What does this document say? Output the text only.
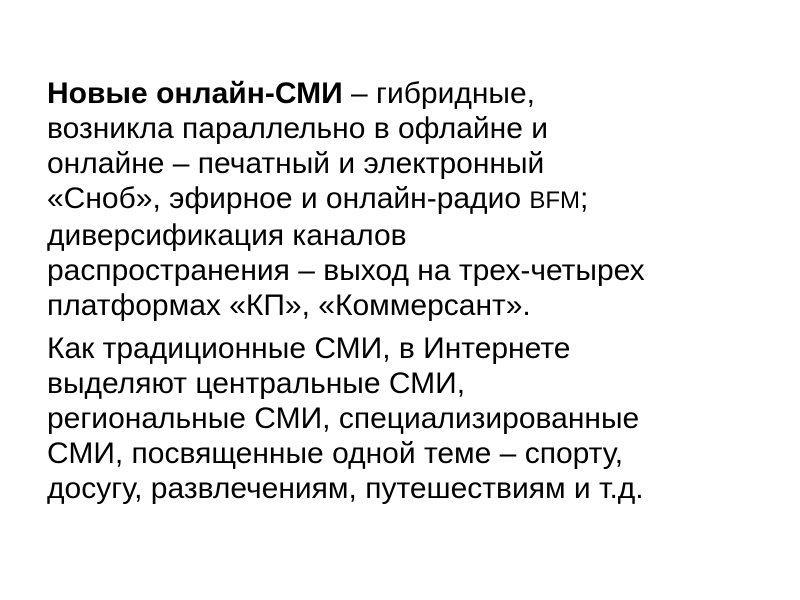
Новые онлайн-СМИ – гибридные,
возникла параллельно в офлайне и
онлайне – печатный и электронный
«Сноб», эфирное и онлайн-радио BFM;
диверсификация каналов
распространения – выход на трех-четырех
платформах «КП», «Коммерсант».

Как традиционные СМИ, в Интернете
выделяют центральные СМИ,
региональные СМИ, специализированные
СМИ, посвященные одной теме – спорту,
досугу, развлечениям, путешествиям и т.д.
